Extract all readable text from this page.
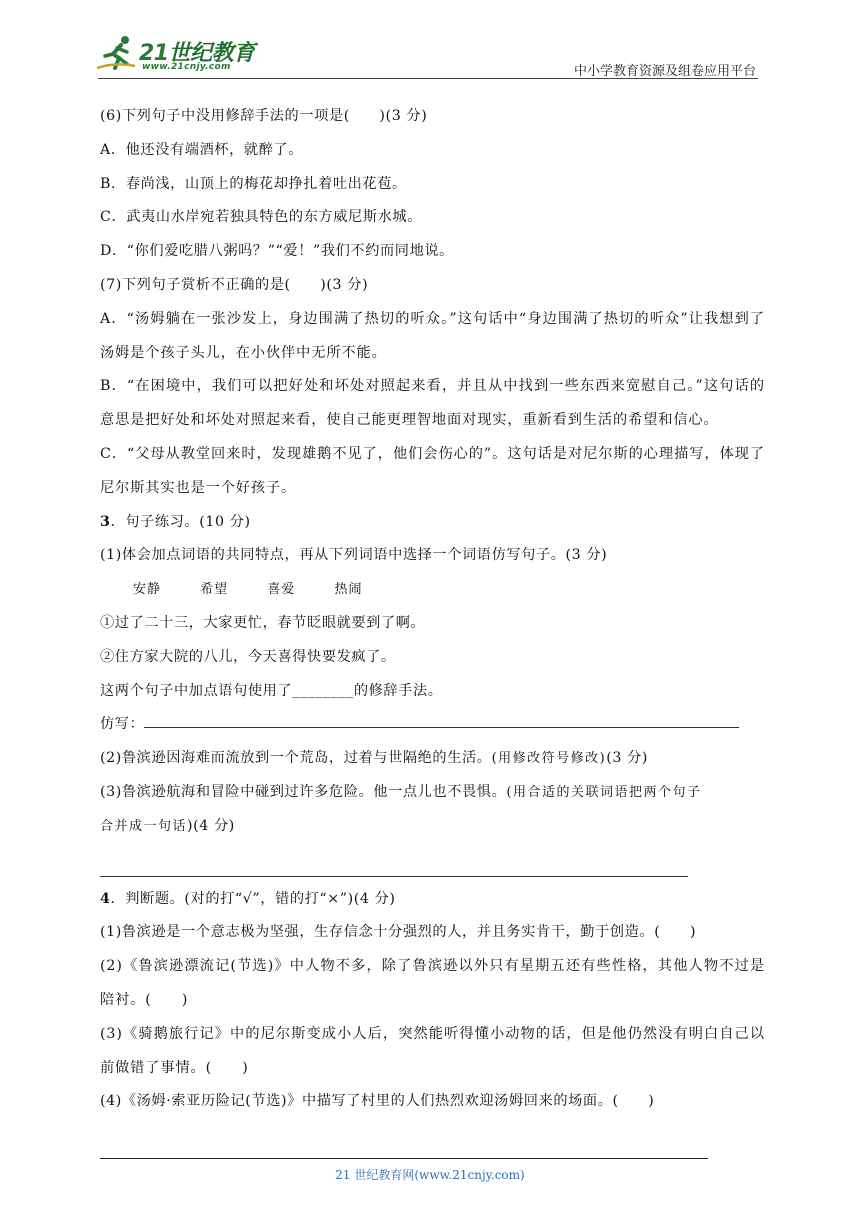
21世纪教育
www.21cnjy.com	中小学教育资源及组卷应用平台
(6)下列句子中没用修辞手法的一项是(　　)(3 分)
A．他还没有端酒杯，就醉了。
B．春尚浅，山顶上的梅花却挣扎着吐出花苞。
C．武夷山水岸宛若独具特色的东方威尼斯水城。
D．“你们爱吃腊八粥吗？”“爱！”我们不约而同地说。
(7)下列句子赏析不正确的是(　　)(3 分)
A．“汤姆躺在一张沙发上，身边围满了热切的听众。”这句话中“身边围满了热切的听众”让我想到了汤姆是个孩子头儿，在小伙伴中无所不能。
B．“在困境中，我们可以把好处和坏处对照起来看，并且从中找到一些东西来宽慰自己。”这句话的意思是把好处和坏处对照起来看，使自己能更理智地面对现实，重新看到生活的希望和信心。
C．“父母从教堂回来时，发现雄鹅不见了，他们会伤心的”。这句话是对尼尔斯的心理描写，体现了尼尔斯其实也是一个好孩子。
3．句子练习。(10 分)
(1)体会加点词语的共同特点，再从下列词语中选择一个词语仿写句子。(3 分)
安静	希望	喜爱	热闹
①过了二十三，大家更忙，春节眨眼就要到了啊。
②住方家大院的八儿，今天喜得快要发疯了。
这两个句子中加点语句使用了________的修辞手法。
仿写：
(2)鲁滨逊因海难而流放到一个荒岛，过着与世隔绝的生活。(用修改符号修改)(3 分)
(3)鲁滨逊航海和冒险中碰到过许多危险。他一点儿也不畏惧。(用合适的关联词语把两个句子
合并成一句话)(4 分)
4．判断题。(对的打“√”，错的打“×”)(4 分)
(1)鲁滨逊是一个意志极为坚强，生存信念十分强烈的人，并且务实肯干，勤于创造。(　　)
(2)《鲁滨逊漂流记(节选)》中人物不多，除了鲁滨逊以外只有星期五还有些性格，其他人物不过是陪衬。(　　)
(3)《骑鹅旅行记》中的尼尔斯变成小人后，突然能听得懂小动物的话，但是他仍然没有明白自己以前做错了事情。(　　)
(4)《汤姆·索亚历险记(节选)》中描写了村里的人们热烈欢迎汤姆回来的场面。(　　)
21 世纪教育网(www.21cnjy.com)
